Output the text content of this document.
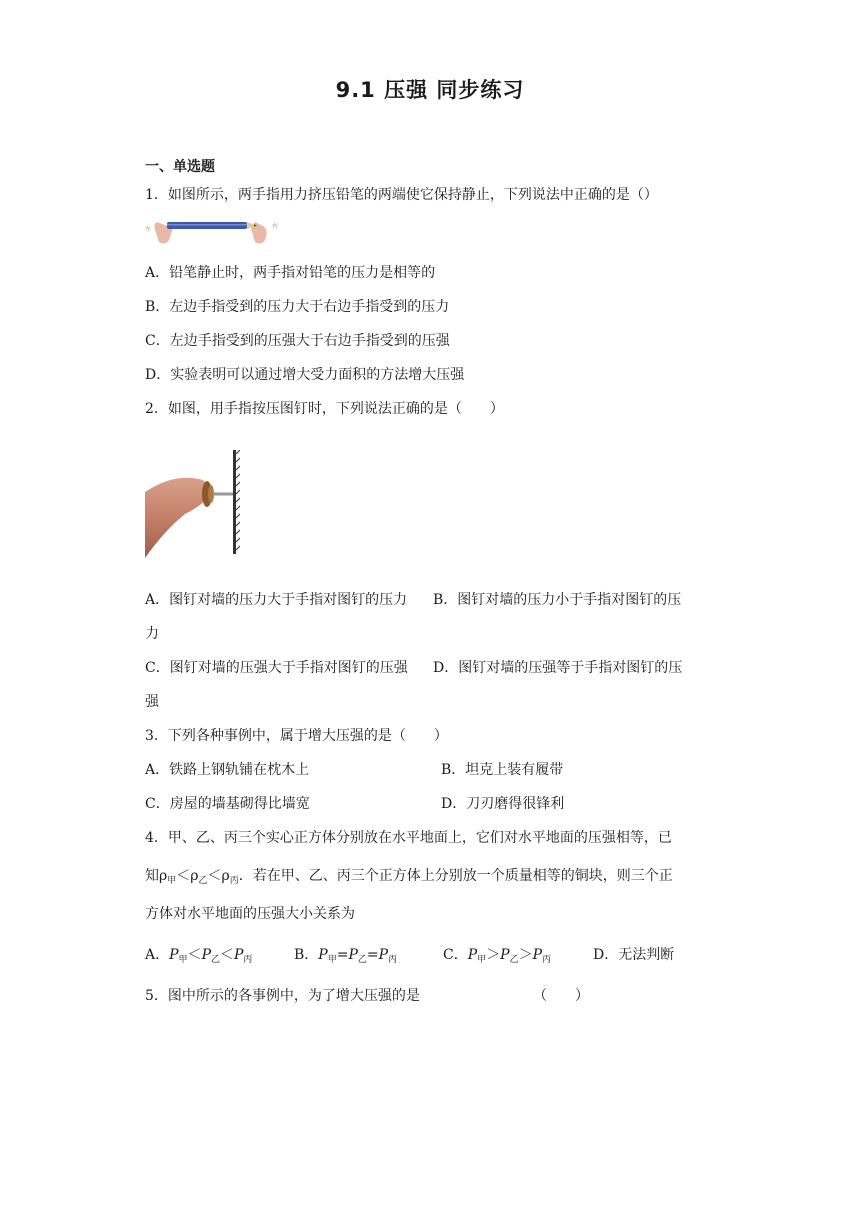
9.1 压强 同步练习
一、单选题
1．如图所示，两手指用力挤压铅笔的两端使它保持静止，下列说法中正确的是（）
左	右
A．铅笔静止时，两手指对铅笔的压力是相等的
B．左边手指受到的压力大于右边手指受到的压力
C．左边手指受到的压强大于右边手指受到的压强
D．实验表明可以通过增大受力面积的方法增大压强
2．如图，用手指按压图钉时，下列说法正确的是（　　）
A．图钉对墙的压力大于手指对图钉的压力 B．图钉对墙的压力小于手指对图钉的压
力
C．图钉对墙的压强大于手指对图钉的压强 D．图钉对墙的压强等于手指对图钉的压
强
3．下列各种事例中，属于增大压强的是（　　）
A．铁路上钢轨铺在枕木上	B．坦克上装有履带
C．房屋的墙基砌得比墙宽	D．刀刃磨得很锋利
4．甲、乙、丙三个实心正方体分别放在水平地面上，它们对水平地面的压强相等，已
知$\rho_甲<\rho_乙<\rho_丙$．若在甲、乙、丙三个正方体上分别放一个质量相等的铜块，则三个正
方体对水平地面的压强大小关系为
A．$P_甲<P_乙<P_丙$	B．$P_甲=P_乙=P_丙$	C．$P_甲>P_乙>P_丙$	D．无法判断
5．图中所示的各事例中，为了增大压强的是	（　　）
